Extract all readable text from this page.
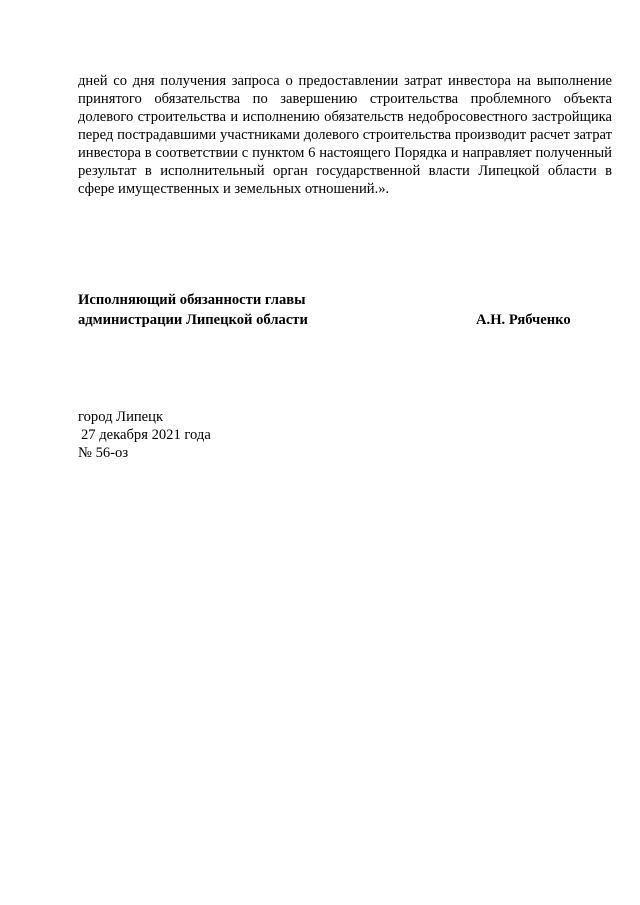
дней со дня получения запроса о предоставлении затрат инвестора на выполнение принятого обязательства по завершению строительства проблемного объекта долевого строительства и исполнению обязательств недобросовестного застройщика перед пострадавшими участниками долевого строительства производит расчет затрат инвестора в соответствии с пунктом 6 настоящего Порядка и направляет полученный результат в исполнительный орган государственной власти Липецкой области в сфере имущественных и земельных отношений.».

Исполняющий обязанности главы
администрации Липецкой области	А.Н. Рябченко
город Липецк
27 декабря 2021 года
№ 56-оз
